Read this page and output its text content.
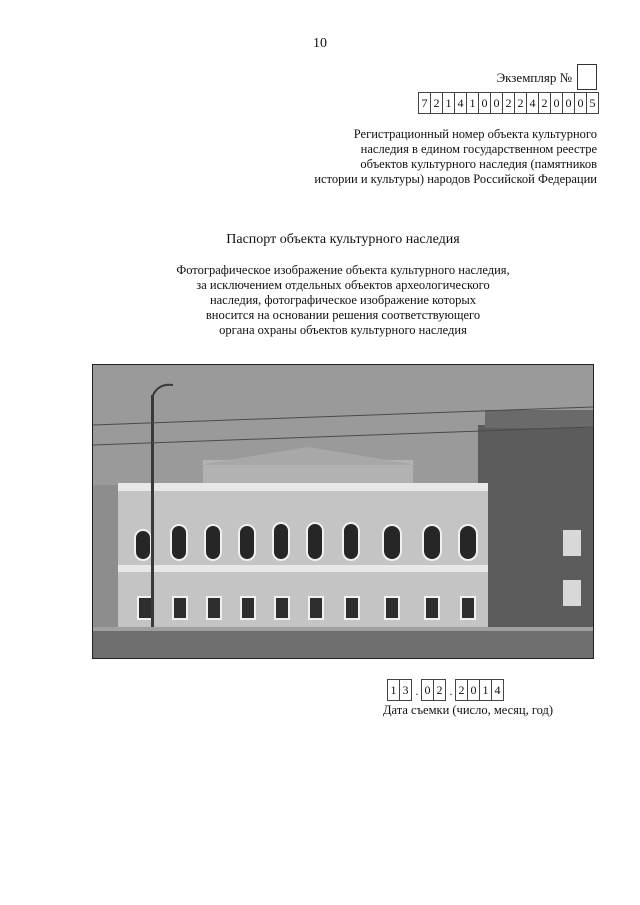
10
Экземпляр №
7 2 1 4 1 0 0 2 2 4 2 0 0 0 5
Регистрационный номер объекта культурного
наследия в едином государственном реестре
объектов культурного наследия (памятников
истории и культуры) народов Российской Федерации
Паспорт объекта культурного наследия
Фотографическое изображение объекта культурного наследия,
за исключением отдельных объектов археологического
наследия, фотографическое изображение которых
вносится на основании решения соответствующего
органа охраны объектов культурного наследия
1 3 . 0 2 . 2 0 1 4
Дата съемки (число, месяц, год)
